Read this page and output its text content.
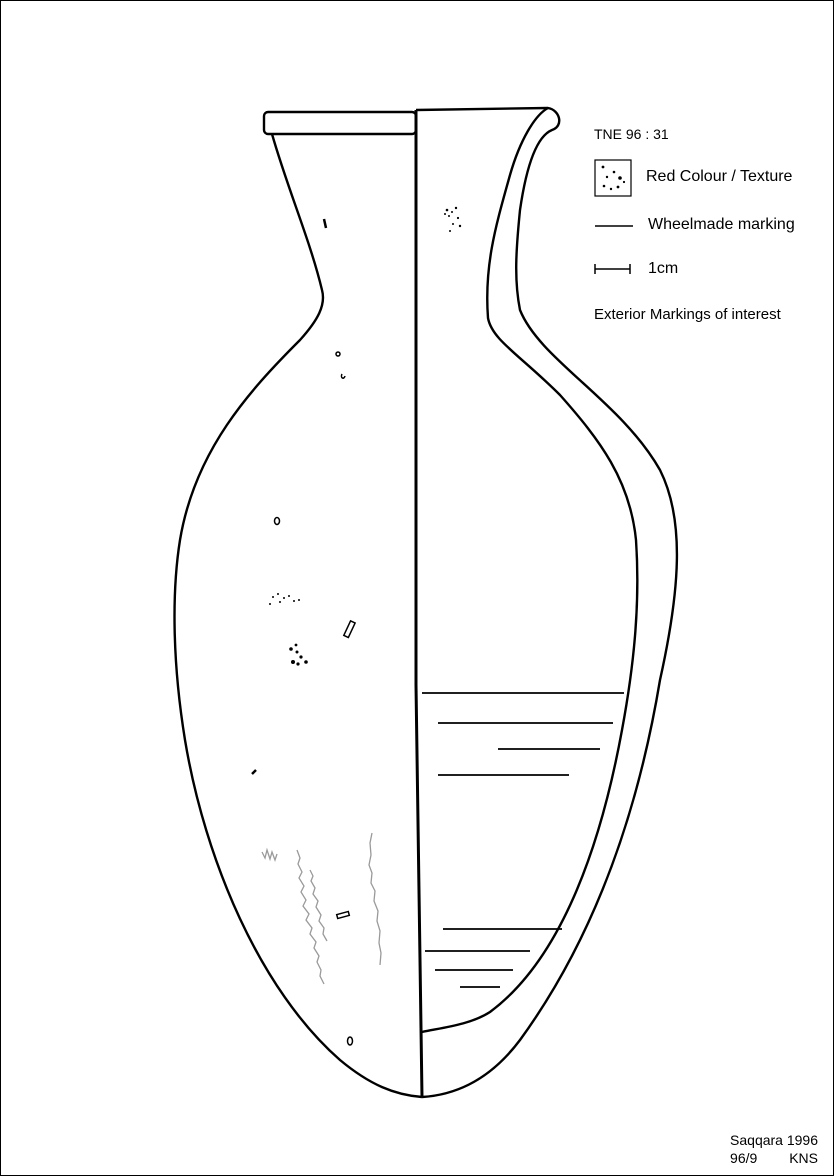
TNE 96 : 31
Red Colour / Texture
Wheelmade marking
1cm
Exterior Markings of interest
Saqqara 1996
96/9 KNS
